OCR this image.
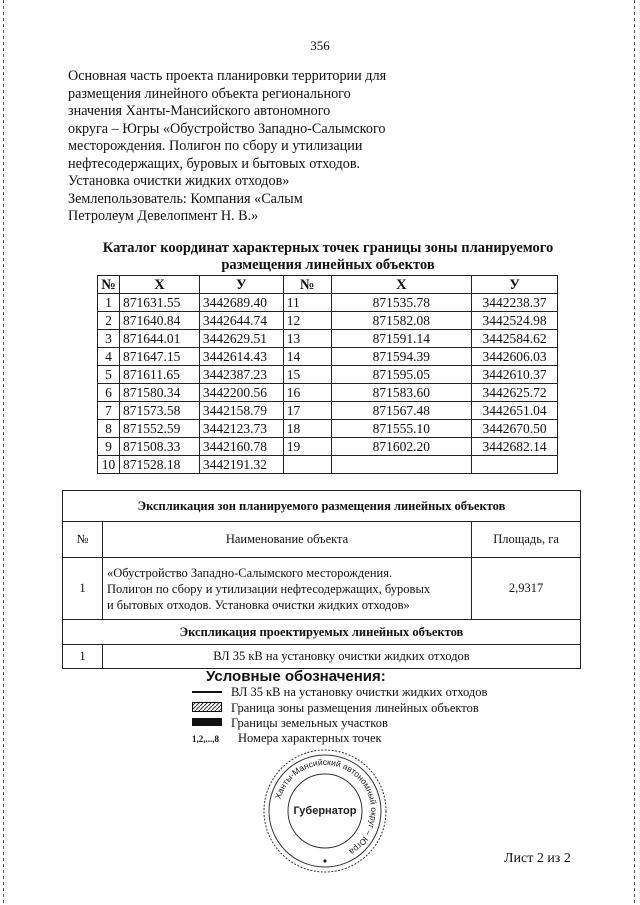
356
Основная часть проекта планировки территории для
размещения линейного объекта регионального
значения Ханты-Мансийского автономного
округа – Югры «Обустройство Западно-Салымского
месторождения. Полигон по сбору и утилизации
нефтесодержащих, буровых и бытовых отходов.
Установка очистки жидких отходов»
Землепользователь: Компания «Салым
Петролеум Девелопмент Н. В.»
Каталог координат характерных точек границы зоны планируемого
размещения линейных объектов
№	X	У	№	X	У
1	871631.55	3442689.40	11	871535.78	3442238.37
2	871640.84	3442644.74	12	871582.08	3442524.98
3	871644.01	3442629.51	13	871591.14	3442584.62
4	871647.15	3442614.43	14	871594.39	3442606.03
5	871611.65	3442387.23	15	871595.05	3442610.37
6	871580.34	3442200.56	16	871583.60	3442625.72
7	871573.58	3442158.79	17	871567.48	3442651.04
8	871552.59	3442123.73	18	871555.10	3442670.50
9	871508.33	3442160.78	19	871602.20	3442682.14
10	871528.18	3442191.32			
Экспликация зон планируемого размещения линейных объектов		
№	Наименование объекта	Площадь, га
1	«Обустройство Западно-Салымского месторождения.
Полигон по сбору и утилизации нефтесодержащих, буровых
и бытовых отходов. Установка очистки жидких отходов»	2,9317
Экспликация проектируемых линейных объектов		
1	ВЛ 35 кВ на установку очистки жидких отходов	
Условные обозначения:
ВЛ 35 кВ на установку очистки жидких отходов
Граница зоны размещения линейных объектов
Границы земельных участков
1,2,...,8	Номера характерных точек
Ханты-Мансийский автономный округ – Югра
Губернатор
Лист 2 из 2
